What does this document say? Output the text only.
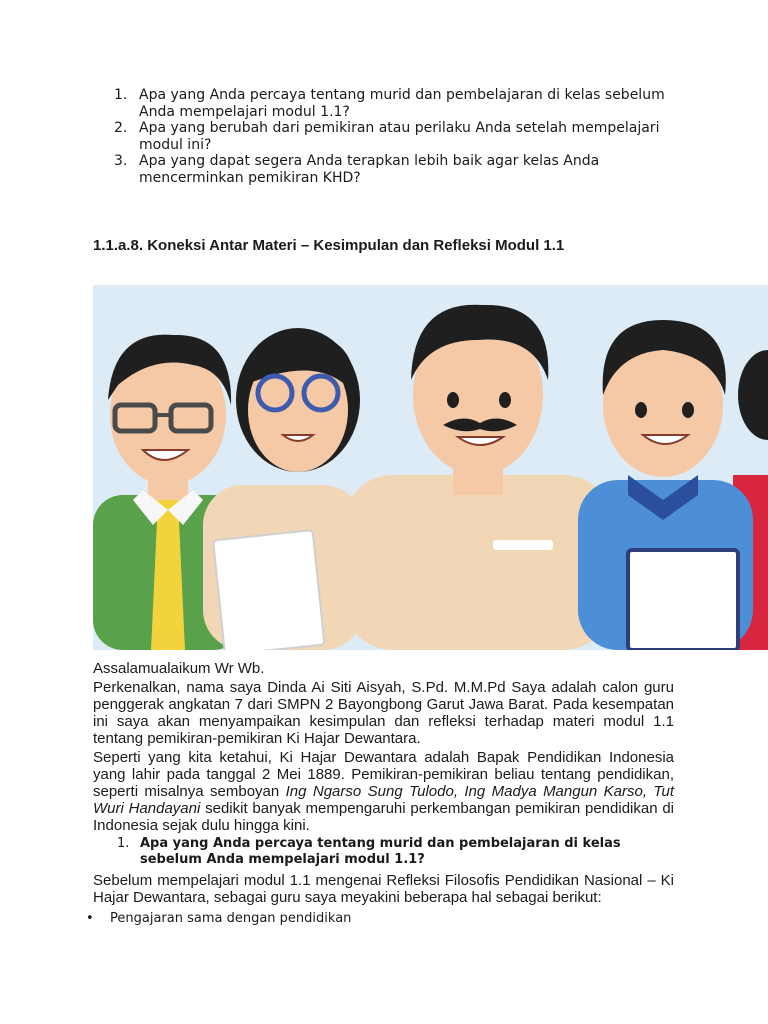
1. Apa yang Anda percaya tentang murid dan pembelajaran di kelas sebelum Anda mempelajari modul 1.1?
2. Apa yang berubah dari pemikiran atau perilaku Anda setelah mempelajari modul ini?
3. Apa yang dapat segera Anda terapkan lebih baik agar kelas Anda mencerminkan pemikiran KHD?
1.1.a.8. Koneksi Antar Materi – Kesimpulan dan Refleksi Modul 1.1

Assalamualaikum Wr Wb.

Perkenalkan, nama saya Dinda Ai Siti Aisyah, S.Pd. M.M.Pd Saya adalah calon guru penggerak angkatan 7 dari SMPN 2 Bayongbong Garut Jawa Barat. Pada kesempatan ini saya akan menyampaikan kesimpulan dan refleksi terhadap materi modul 1.1 tentang pemikiran-pemikiran Ki Hajar Dewantara.

Seperti yang kita ketahui, Ki Hajar Dewantara adalah Bapak Pendidikan Indonesia yang lahir pada tanggal 2 Mei 1889. Pemikiran-pemikiran beliau tentang pendidikan, seperti misalnya semboyan Ing Ngarso Sung Tulodo, Ing Madya Mangun Karso, Tut Wuri Handayani sedikit banyak mempengaruhi perkembangan pemikiran pendidikan di Indonesia sejak dulu hingga kini.

1. Apa yang Anda percaya tentang murid dan pembelajaran di kelas sebelum Anda mempelajari modul 1.1?

Sebelum mempelajari modul 1.1 mengenai Refleksi Filosofis Pendidikan Nasional – Ki Hajar Dewantara, sebagai guru saya meyakini beberapa hal sebagai berikut:

•	Pengajaran sama dengan pendidikan
